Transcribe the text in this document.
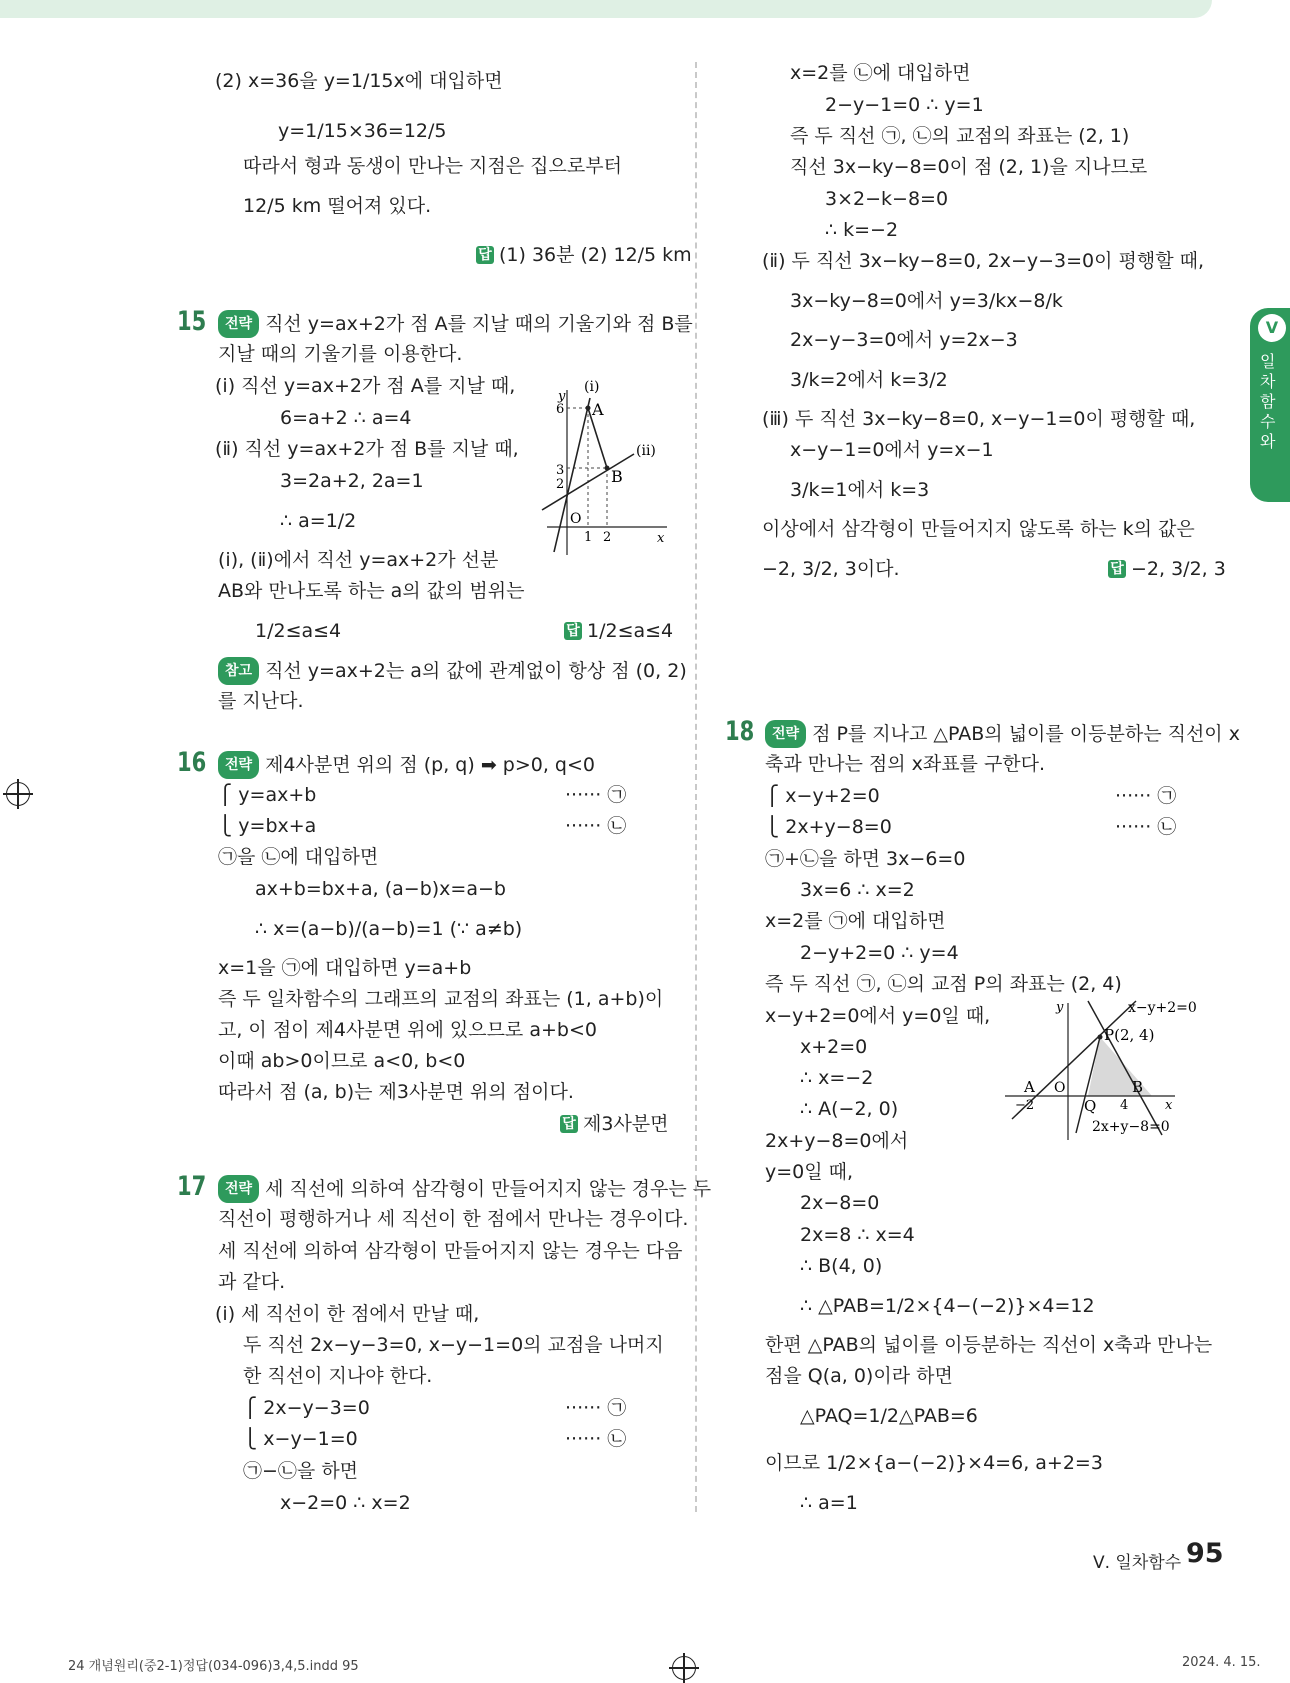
y
x
O
(ⅰ)
(ⅱ)
A
B
6
3
2
1 2
y
x
O
P(2, 4)
A	B
Q
−2	4
x−y+2=0
2x+y−8=0
Ⅴ
일차함수와
Ⅴ. 일차함수 95
24 개념원리(중2-1)정답(034-096)3,4,5.indd 95	2024. 4. 15.
(2) x=36을 y=1/15x에 대입하면
y=1/15×36=12/5
따라서 형과 동생이 만나는 지점은 집으로부터
12/5 km 떨어져 있다.
답 (1) 36분 (2) 12/5 km
전략 직선 y=ax+2가 점 A를 지날 때의 기울기와 점 B를
지날 때의 기울기를 이용한다.
(ⅰ) 직선 y=ax+2가 점 A를 지날 때,
6=a+2 ∴ a=4
(ⅱ) 직선 y=ax+2가 점 B를 지날 때,
3=2a+2, 2a=1
∴ a=1/2
(ⅰ), (ⅱ)에서 직선 y=ax+2가 선분
AB와 만나도록 하는 a의 값의 범위는
1/2≤a≤4	답 1/2≤a≤4
참고 직선 y=ax+2는 a의 값에 관계없이 항상 점 (0, 2)
를 지난다.
전략 제4사분면 위의 점 (p, q) ➡ p>0, q<0
⎧ y=ax+b	······ ㉠
⎩ y=bx+a	······ ㉡
㉠을 ㉡에 대입하면
ax+b=bx+a, (a−b)x=a−b
∴ x=(a−b)/(a−b)=1 (∵ a≠b)
x=1을 ㉠에 대입하면 y=a+b
즉 두 일차함수의 그래프의 교점의 좌표는 (1, a+b)이
고, 이 점이 제4사분면 위에 있으므로 a+b<0
이때 ab>0이므로 a<0, b<0
따라서 점 (a, b)는 제3사분면 위의 점이다.
답 제3사분면
전략 세 직선에 의하여 삼각형이 만들어지지 않는 경우는 두
직선이 평행하거나 세 직선이 한 점에서 만나는 경우이다.
세 직선에 의하여 삼각형이 만들어지지 않는 경우는 다음
과 같다.
(ⅰ) 세 직선이 한 점에서 만날 때,
두 직선 2x−y−3=0, x−y−1=0의 교점을 나머지
한 직선이 지나야 한다.
⎧ 2x−y−3=0	······ ㉠
⎩ x−y−1=0	······ ㉡
㉠−㉡을 하면
x−2=0 ∴ x=2
x=2를 ㉡에 대입하면
2−y−1=0 ∴ y=1
즉 두 직선 ㉠, ㉡의 교점의 좌표는 (2, 1)
직선 3x−ky−8=0이 점 (2, 1)을 지나므로
3×2−k−8=0
∴ k=−2
(ⅱ) 두 직선 3x−ky−8=0, 2x−y−3=0이 평행할 때,
3x−ky−8=0에서 y=3/kx−8/k
2x−y−3=0에서 y=2x−3
3/k=2에서 k=3/2
(ⅲ) 두 직선 3x−ky−8=0, x−y−1=0이 평행할 때,
x−y−1=0에서 y=x−1
3/k=1에서 k=3
이상에서 삼각형이 만들어지지 않도록 하는 k의 값은
−2, 3/2, 3이다.	답 −2, 3/2, 3
전략 점 P를 지나고 △PAB의 넓이를 이등분하는 직선이 x
축과 만나는 점의 x좌표를 구한다.
⎧ x−y+2=0	······ ㉠
⎩ 2x+y−8=0	······ ㉡
㉠+㉡을 하면 3x−6=0
3x=6 ∴ x=2
x=2를 ㉠에 대입하면
2−y+2=0 ∴ y=4
즉 두 직선 ㉠, ㉡의 교점 P의 좌표는 (2, 4)
x−y+2=0에서 y=0일 때,
x+2=0
∴ x=−2
∴ A(−2, 0)
2x+y−8=0에서
y=0일 때,
2x−8=0
2x=8 ∴ x=4
∴ B(4, 0)
∴ △PAB=1/2×{4−(−2)}×4=12
한편 △PAB의 넓이를 이등분하는 직선이 x축과 만나는
점을 Q(a, 0)이라 하면
△PAQ=1/2△PAB=6
이므로 1/2×{a−(−2)}×4=6, a+2=3
∴ a=1
15
16
17
18
